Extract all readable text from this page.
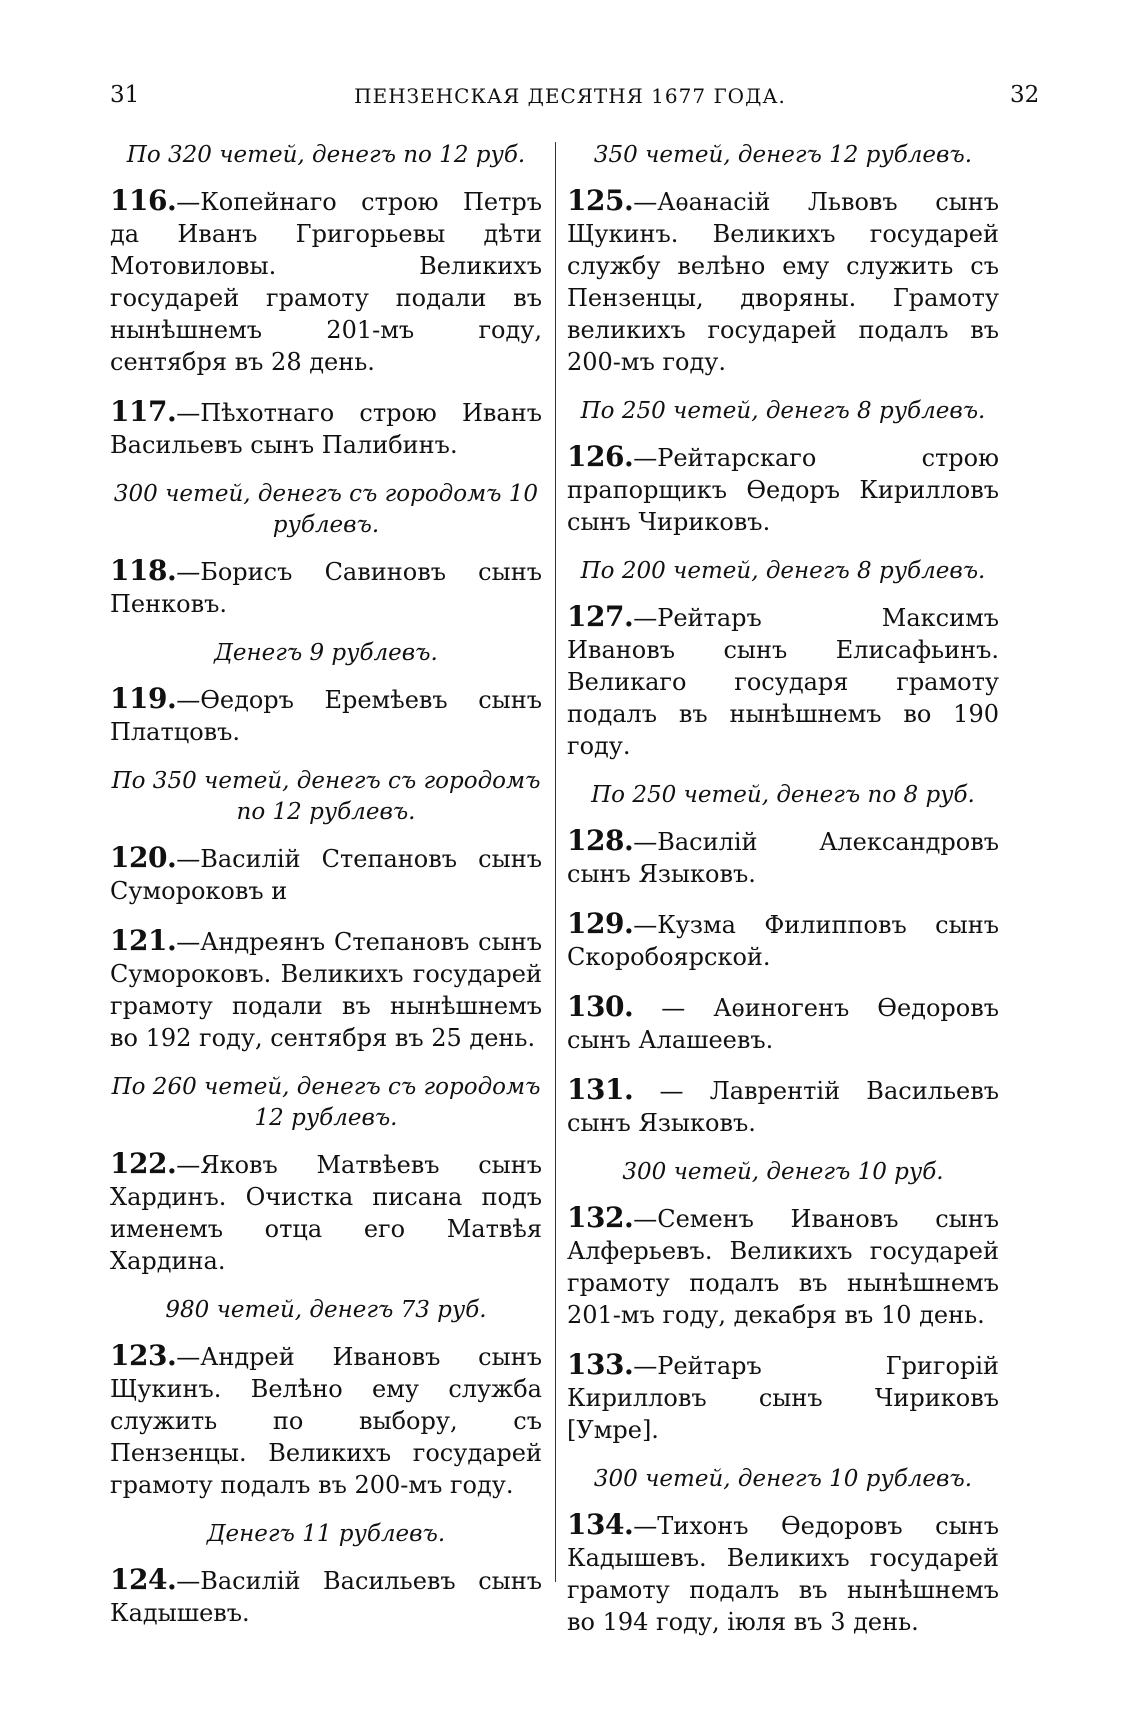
31	ПЕНЗЕНСКАЯ ДЕСЯТНЯ 1677 ГОДА.	32
По 320 четей, денегъ по 12 руб.
116.—Копейнаго строю Петръ да Иванъ Григорьевы дѣти Мотовиловы. Великихъ государей грамоту подали въ нынѣшнемъ 201-мъ году, сентября въ 28 день.
117.—Пѣхотнаго строю Иванъ Васильевъ сынъ Палибинъ.
300 четей, денегъ съ городомъ 10 рублевъ.
118.—Борисъ Савиновъ сынъ Пенковъ.
Денегъ 9 рублевъ.
119.—Ѳедоръ Еремѣевъ сынъ Платцовъ.
По 350 четей, денегъ съ городомъ по 12 рублевъ.
120.—Василій Степановъ сынъ Сумороковъ и
121.—Андреянъ Степановъ сынъ Сумороковъ. Великихъ государей грамоту подали въ нынѣшнемъ во 192 году, сентября въ 25 день.
По 260 четей, денегъ съ городомъ 12 рублевъ.
122.—Яковъ Матвѣевъ сынъ Хардинъ. Очистка писана подъ именемъ отца его Матвѣя Хардина.
980 четей, денегъ 73 руб.
123.—Андрей Ивановъ сынъ Щукинъ. Велѣно ему служба служить по выбору, съ Пензенцы. Великихъ государей грамоту подалъ въ 200-мъ году.
Денегъ 11 рублевъ.
124.—Василій Васильевъ сынъ Кадышевъ.
350 четей, денегъ 12 рублевъ.
125.—Аѳанасій Львовъ сынъ Щукинъ. Великихъ государей службу велѣно ему служить съ Пензенцы, дворяны. Грамоту великихъ государей подалъ въ 200-мъ году.
По 250 четей, денегъ 8 рублевъ.
126.—Рейтарскаго строю прапорщикъ Ѳедоръ Кирилловъ сынъ Чириковъ.
По 200 четей, денегъ 8 рублевъ.
127.—Рейтаръ Максимъ Ивановъ сынъ Елисафьинъ. Великаго государя грамоту подалъ въ нынѣшнемъ во 190 году.
По 250 четей, денегъ по 8 руб.
128.—Василій Александровъ сынъ Языковъ.
129.—Кузма Филипповъ сынъ Скоробоярской.
130. — Аѳиногенъ Ѳедоровъ сынъ Алашеевъ.
131. — Лаврентій Васильевъ сынъ Языковъ.
300 четей, денегъ 10 руб.
132.—Семенъ Ивановъ сынъ Алферьевъ. Великихъ государей грамоту подалъ въ нынѣшнемъ 201-мъ году, декабря въ 10 день.
133.—Рейтаръ Григорій Кирилловъ сынъ Чириковъ [Умре].
300 четей, денегъ 10 рублевъ.
134.—Тихонъ Ѳедоровъ сынъ Кадышевъ. Великихъ государей грамоту подалъ въ нынѣшнемъ во 194 году, іюля въ 3 день.
